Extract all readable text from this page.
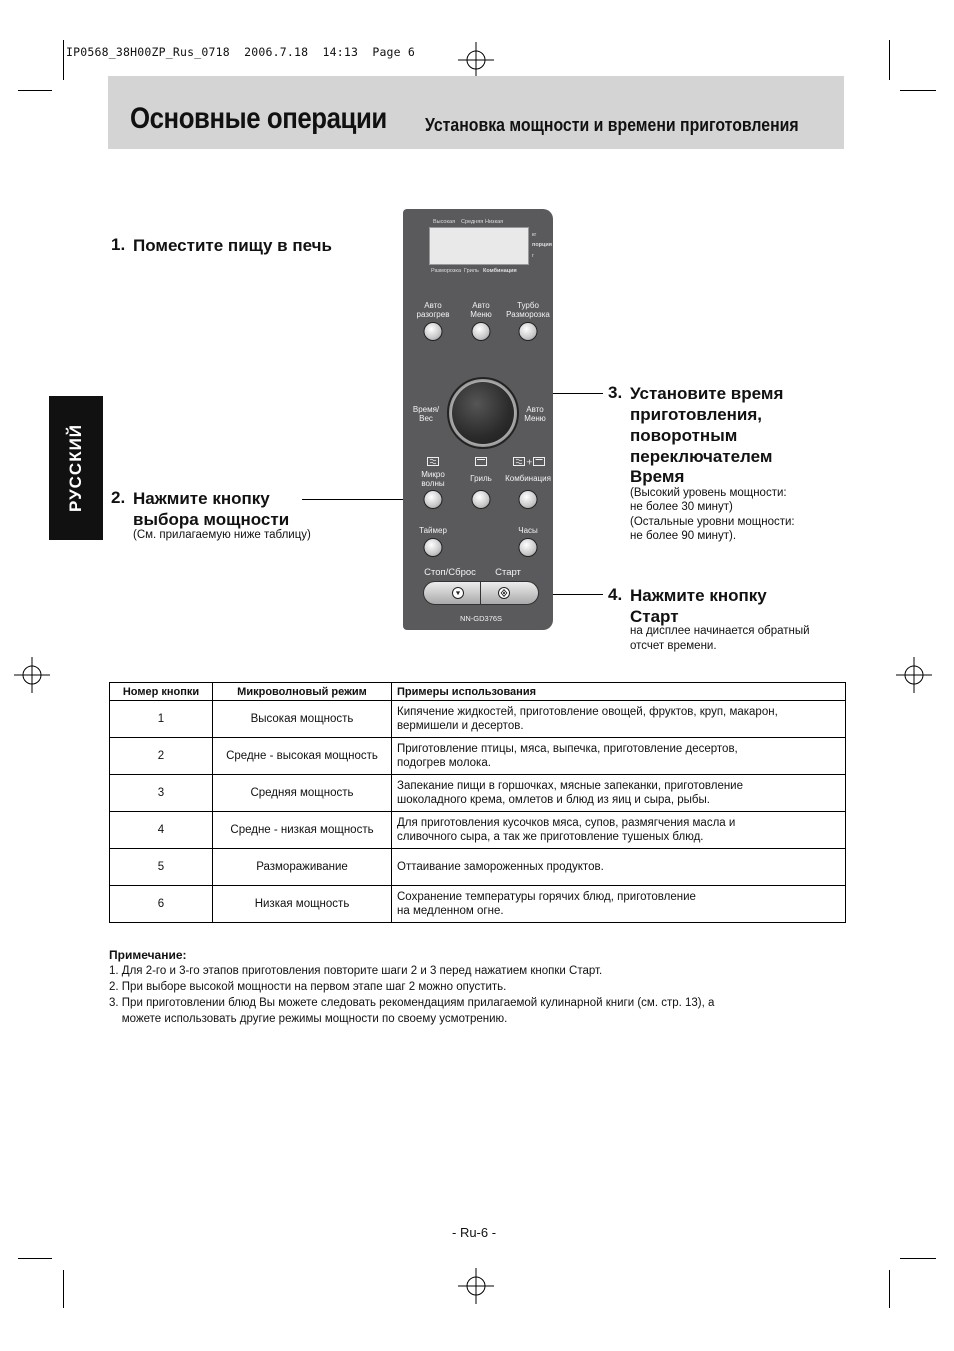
IP0568_38H00ZP_Rus_0718  2006.7.18  14:13  Page 6
Основные операции Установка мощности и времени приготовления
РУССКИЙ
1. Поместите пищу в печь
2. Нажмите кнопку
выбора мощности
(См. прилагаемую ниже таблицу)
3. Установите время
приготовления,
поворотным
переключателем
Время
(Высокий уровень мощности:
не более 30 минут)
(Остальные уровни мощности:
не более 90 минут).
4. Нажмите кнопку
Старт
на дисплее начинается обратный
отсчет времени.
Высокая Средняя Низкая
кг
порция
г
Разморозка Гриль Комбинация
Авто
разогрев
Авто
Меню
Турбо
Разморозка
Время/
Вес
Авто
Меню
+
Микро
волны
Гриль Комбинация
Таймер	Часы
Стоп/Сброс Старт
NN-GD376S
Номер кнопки	Микроволновый режим	Примеры использования
1	Высокая мощность	Кипячение жидкостей, приготовление овощей, фруктов, круп, макарон,
вермишели и десертов.

2	Средне - высокая мощность	Приготовление птицы, мяса, выпечка, приготовление десертов,
подогрев молока.

3	Средняя мощность	Запекание пищи в горшочках, мясные запеканки, приготовление
шоколадного крема, омлетов и блюд из яиц и сыра, рыбы.

4	Средне - низкая мощность	Для приготовления кусочков мяса, супов, размягчения масла и
сливочного сыра, а так же приготовление тушеных блюд.

5	Размораживание	Оттаивание замороженных продуктов.

6	Низкая мощность	Сохранение температуры горячих блюд, приготовление
на медленном огне.
Примечание:
1. Для 2-го и 3-го этапов приготовления повторите шаги 2 и 3 перед нажатием кнопки Старт.
2. При выборе высокой мощности на первом этапе шаг 2 можно опустить.
3. При приготовлении блюд Вы можете следовать рекомендациям прилагаемой кулинарной книги (см. стр. 13), а
можете использовать другие режимы мощности по своему усмотрению.
- Ru-6 -
